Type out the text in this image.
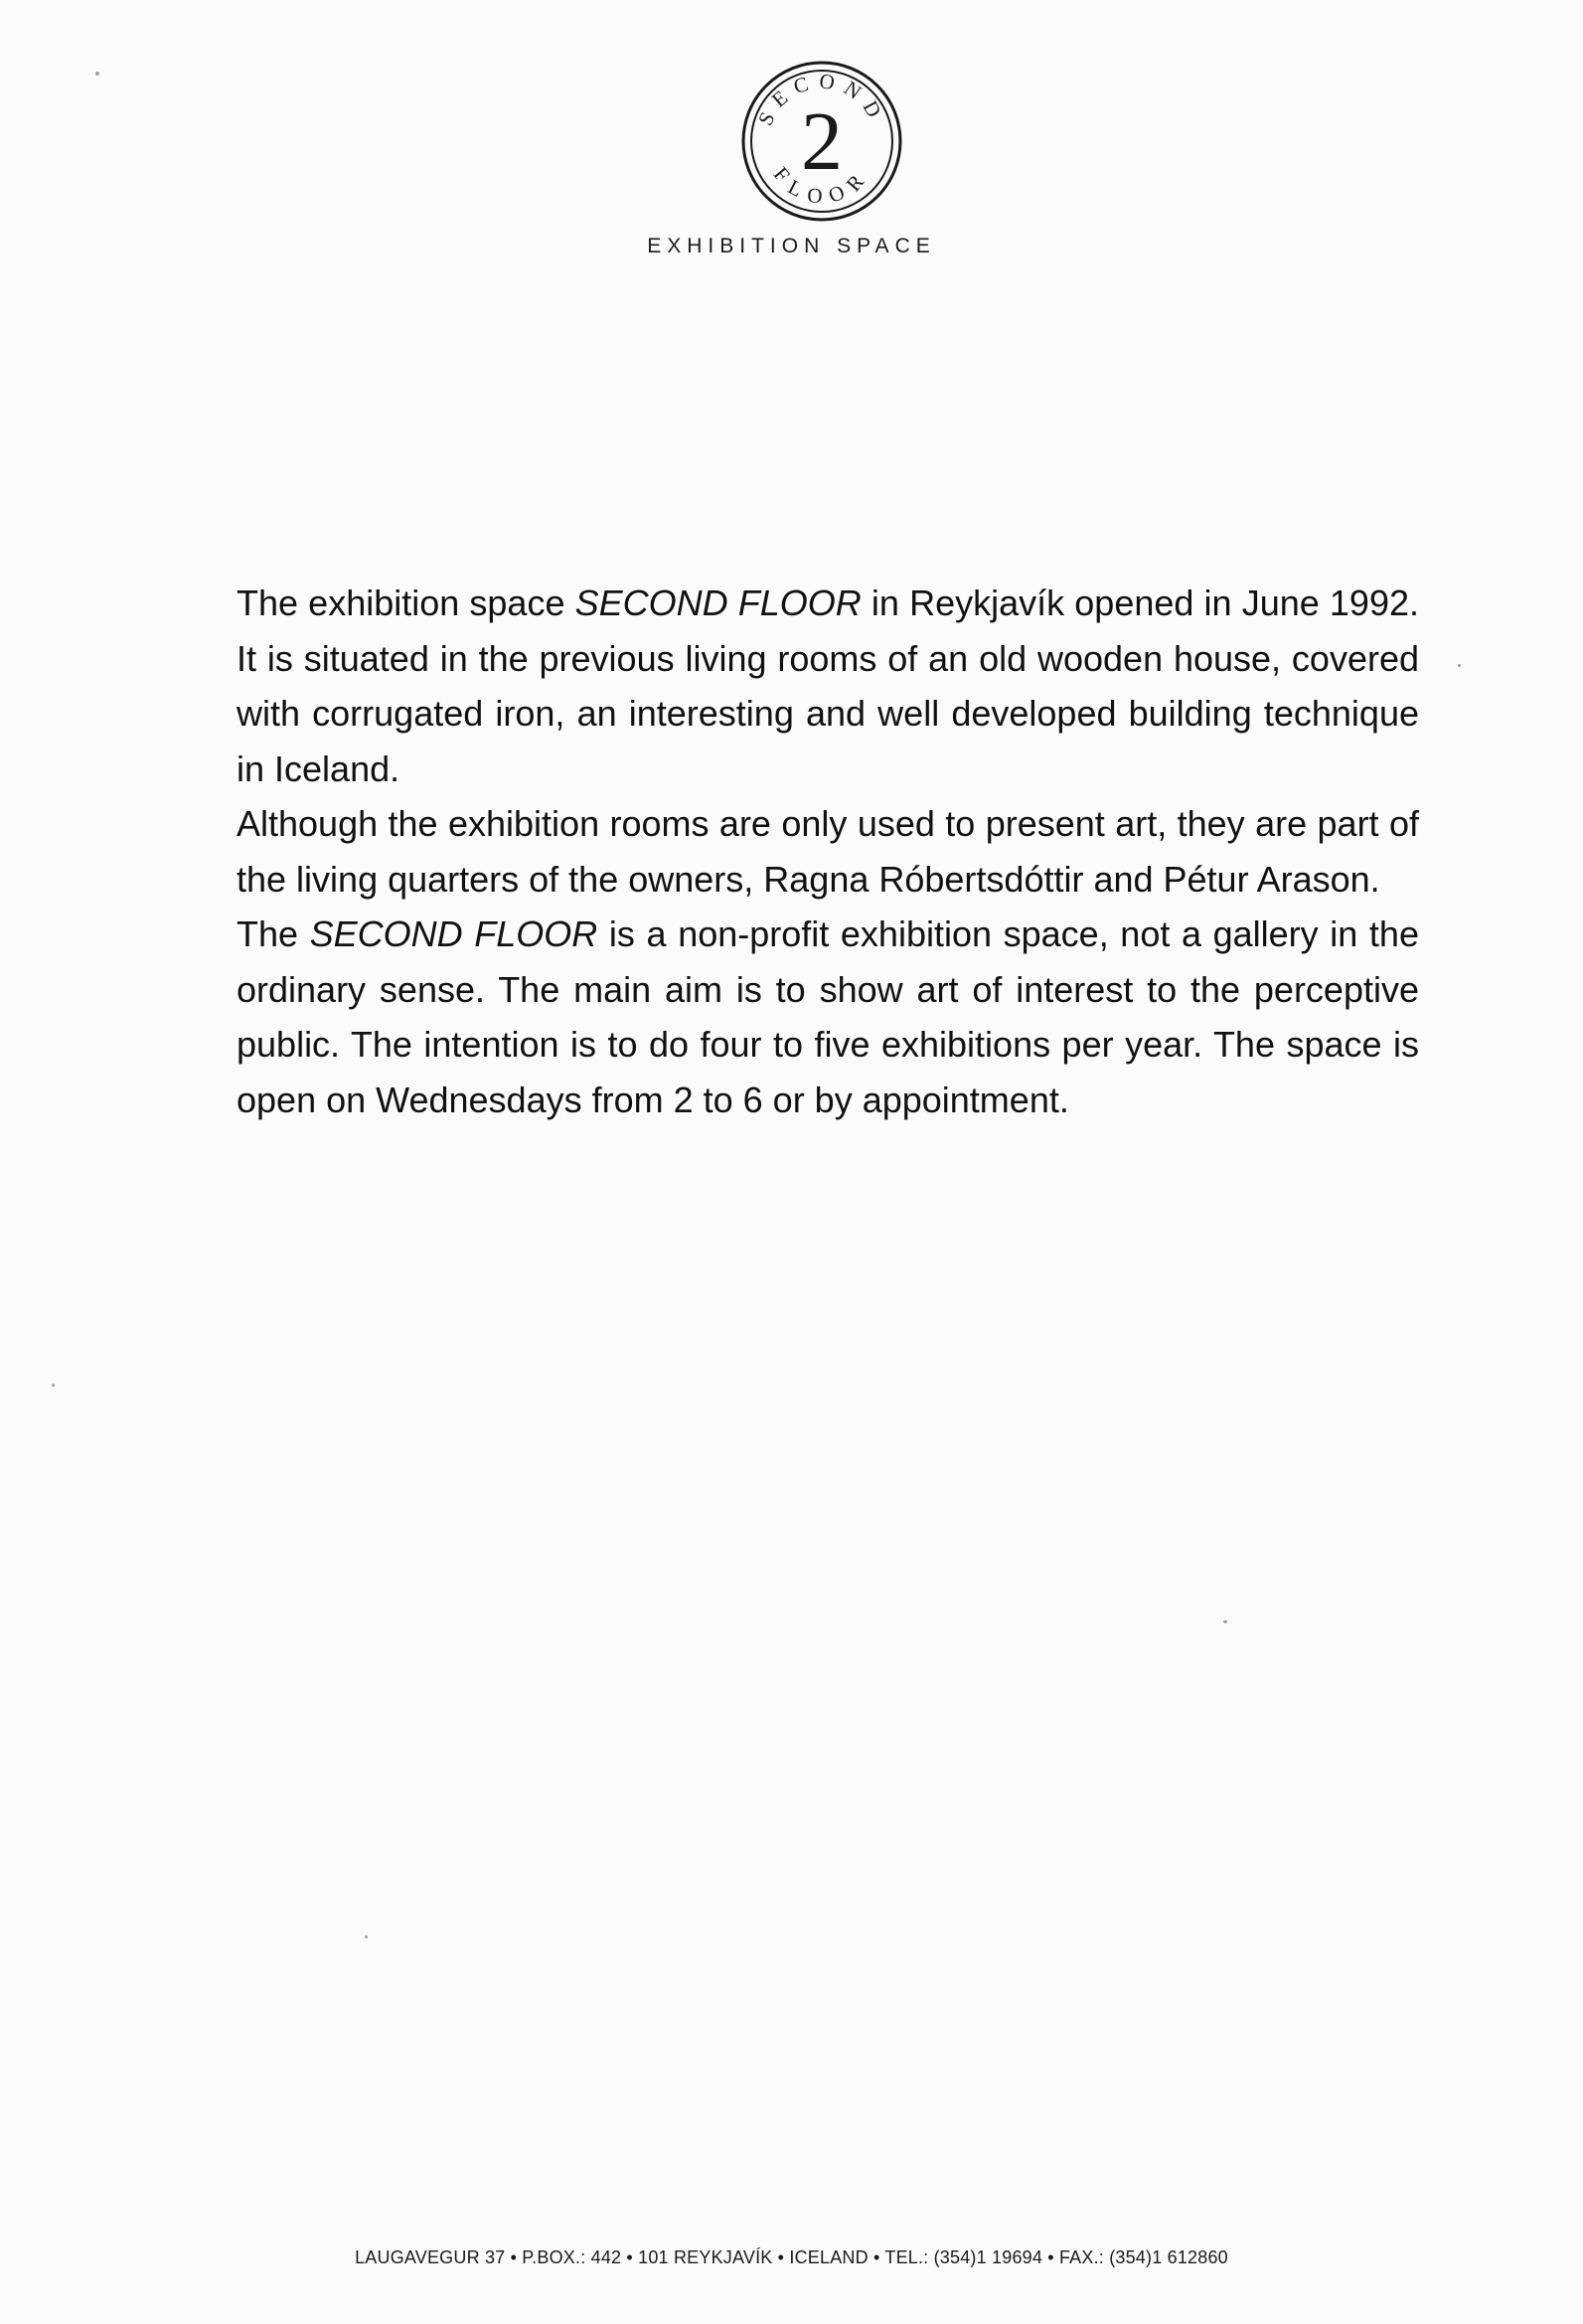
SECOND
FLOOR
2
EXHIBITION SPACE

The exhibition space SECOND FLOOR in Reykjavík opened in June 1992. It is situated in the previous living rooms of an old wooden house, covered with corrugated iron, an interesting and well developed building technique in Iceland.

Although the exhibition rooms are only used to present art, they are part of the living quarters of the owners, Ragna Róbertsdóttir and Pétur Arason.

The SECOND FLOOR is a non-profit exhibition space, not a gallery in the ordinary sense. The main aim is to show art of interest to the perceptive public. The intention is to do four to five exhibitions per year. The space is open on Wednesdays from 2 to 6 or by appointment.

LAUGAVEGUR 37 • P.BOX.: 442 • 101 REYKJAVÍK • ICELAND • TEL.: (354)1 19694 • FAX.: (354)1 612860
